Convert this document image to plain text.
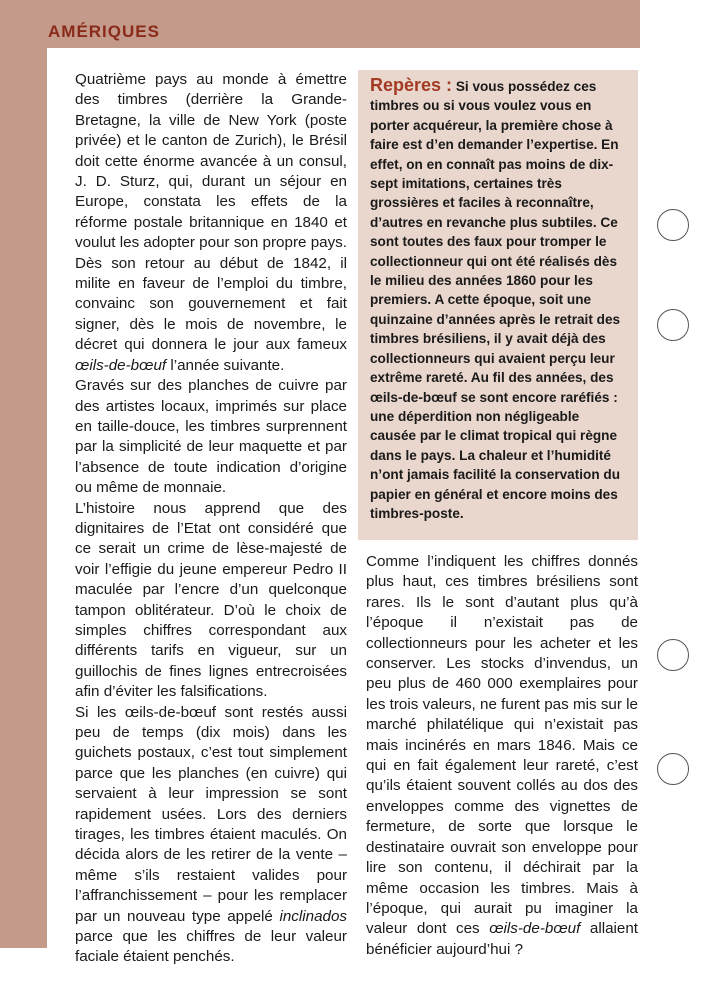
AMÉRIQUES

Quatrième pays au monde à émettre des timbres (derrière la Grande-Bretagne, la ville de New York (poste privée) et le canton de Zurich), le Brésil doit cette énorme avancée à un consul, J. D. Sturz, qui, durant un séjour en Europe, constata les effets de la réforme postale britannique en 1840 et voulut les adopter pour son propre pays. Dès son retour au début de 1842, il milite en faveur de l’emploi du timbre, convainc son gouvernement et fait signer, dès le mois de novembre, le décret qui donnera le jour aux fameux œils-de-bœuf l’année suivante.

Gravés sur des planches de cuivre par des artistes locaux, imprimés sur place en taille-douce, les timbres surprennent par la simplicité de leur maquette et par l’absence de toute indication d’origine ou même de monnaie.

L’histoire nous apprend que des dignitaires de l’Etat ont considéré que ce serait un crime de lèse-majesté de voir l’effigie du jeune empereur Pedro II maculée par l’encre d’un quelconque tampon oblitérateur. D’où le choix de simples chiffres correspondant aux différents tarifs en vigueur, sur un guillochis de fines lignes entrecroisées afin d’éviter les falsifications.

Si les œils-de-bœuf sont restés aussi peu de temps (dix mois) dans les guichets postaux, c’est tout simplement parce que les planches (en cuivre) qui servaient à leur impression se sont rapidement usées. Lors des derniers tirages, les timbres étaient maculés. On décida alors de les retirer de la vente – même s’ils restaient valides pour l’affranchissement – pour les remplacer par un nouveau type appelé inclinados parce que les chiffres de leur valeur faciale étaient penchés.

Repères : Si vous possédez ces timbres ou si vous voulez vous en porter acquéreur, la première chose à faire est d’en demander l’expertise. En effet, on en connaît pas moins de dix-sept imitations, certaines très grossières et faciles à reconnaître, d’autres en revanche plus subtiles. Ce sont toutes des faux pour tromper le collectionneur qui ont été réalisés dès le milieu des années 1860 pour les premiers. A cette époque, soit une quinzaine d’années après le retrait des timbres brésiliens, il y avait déjà des collectionneurs qui avaient perçu leur extrême rareté. Au fil des années, des œils-de-bœuf se sont encore raréfiés : une déperdition non négligeable causée par le climat tropical qui règne dans le pays. La chaleur et l’humidité n’ont jamais facilité la conservation du papier en général et encore moins des timbres-poste.

Comme l’indiquent les chiffres donnés plus haut, ces timbres brésiliens sont rares. Ils le sont d’autant plus qu’à l’époque il n’existait pas de collectionneurs pour les acheter et les conserver. Les stocks d’invendus, un peu plus de 460 000 exemplaires pour les trois valeurs, ne furent pas mis sur le marché philatélique qui n’existait pas mais incinérés en mars 1846. Mais ce qui en fait également leur rareté, c’est qu’ils étaient souvent collés au dos des enveloppes comme des vignettes de fermeture, de sorte que lorsque le destinataire ouvrait son enveloppe pour lire son contenu, il déchirait par la même occasion les timbres. Mais à l’époque, qui aurait pu imaginer la valeur dont ces œils-de-bœuf allaient bénéficier aujourd’hui ?
